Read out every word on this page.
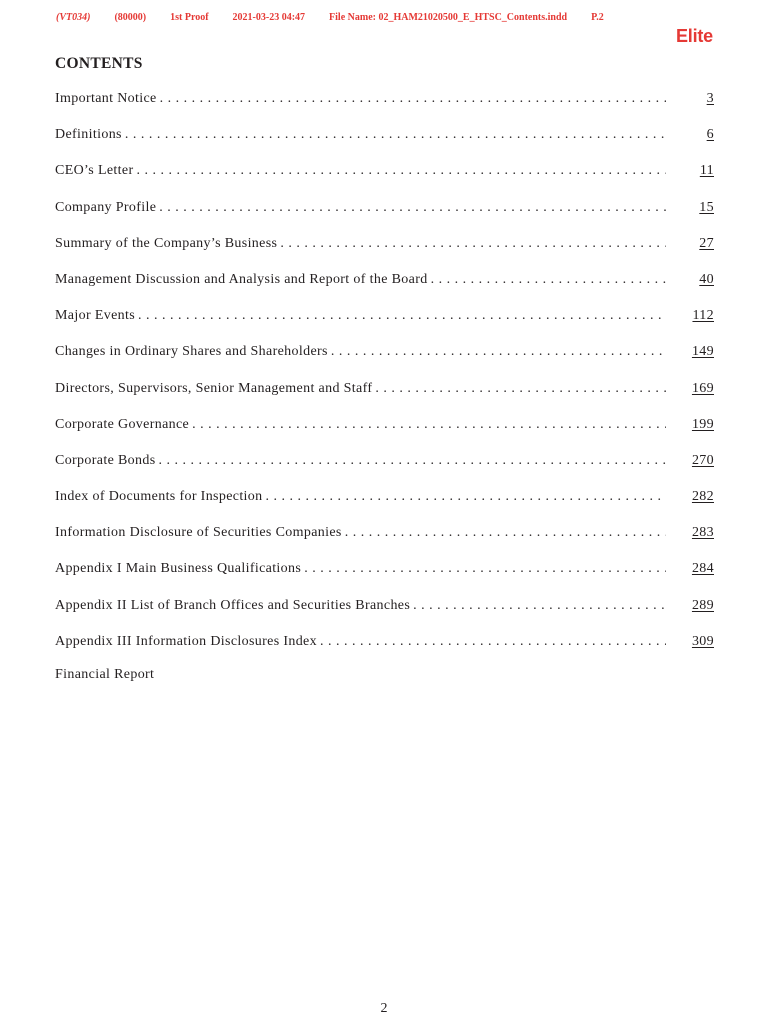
(VT034) (80000) 1st Proof 2021-03-23 04:47 File Name: 02_HAM21020500_E_HTSC_Contents.indd P.2
Elite
CONTENTS
Important Notice . . .	3
Definitions . . .	6
CEO’s Letter . . .	11
Company Profile . . .	15
Summary of the Company’s Business . . .	27
Management Discussion and Analysis and Report of the Board . . .	40
Major Events . . .	112
Changes in Ordinary Shares and Shareholders . . .	149
Directors, Supervisors, Senior Management and Staff . . .	169
Corporate Governance . . .	199
Corporate Bonds . . .	270
Index of Documents for Inspection . . .	282
Information Disclosure of Securities Companies . . .	283
Appendix I Main Business Qualifications . . .	284
Appendix II List of Branch Offices and Securities Branches . . .	289
Appendix III Information Disclosures Index . . .	309
Financial Report
2
